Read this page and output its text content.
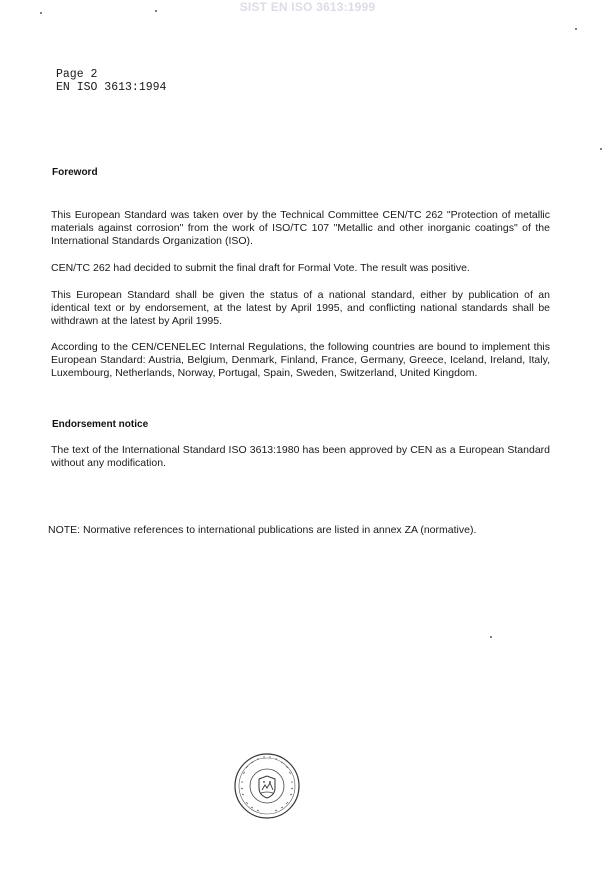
SIST EN ISO 3613:1999
Page 2
EN ISO 3613:1994
Foreword
This European Standard was taken over by the Technical Committee CEN/TC 262 "Protection of metallic materials against corrosion" from the work of ISO/TC 107 "Metallic and other inorganic coatings" of the International Standards Organization (ISO).
CEN/TC 262 had decided to submit the final draft for Formal Vote. The result was positive.
This European Standard shall be given the status of a national standard, either by publication of an identical text or by endorsement, at the latest by April 1995, and conflicting national standards shall be withdrawn at the latest by April 1995.
According to the CEN/CENELEC Internal Regulations, the following countries are bound to implement this European Standard: Austria, Belgium, Denmark, Finland, France, Germany, Greece, Iceland, Ireland, Italy, Luxembourg, Netherlands, Norway, Portugal, Spain, Sweden, Switzerland, United Kingdom.
Endorsement notice
The text of the International Standard ISO 3613:1980 has been approved by CEN as a European Standard without any modification.
NOTE: Normative references to international publications are listed in annex ZA (normative).
